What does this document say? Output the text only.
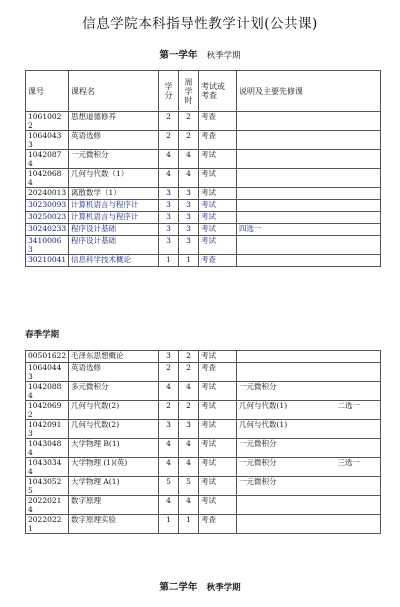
信息学院本科指导性教学计划(公共课)
第一学年 秋季学期
课号	课程名	学
分	周
学
时	考试或
考查	说明及主要先修课
1061002
2	思想道德修养	2	2	考查	

1064043
3	英语选修	2	2	考查	

1042087
4	一元微积分	4	4	考试	

1042068
4	几何与代数（1）	4	4	考试	

20240013	离散数学（1）	3	3	考试	

30230093	计算机语言与程序计	3	3	考试	

30250023	计算机语言与程序计	3	3	考试	

30240233	程序设计基础	3	3	考试	四选一

3410006
3	程序设计基础	3	3	考试	

30210041	信息科学技术概论	1	1	考查	
春季学期
00501622	毛泽东思想概论	3	2	考试	

1064044
3	英语选修	2	2	考查	

1042088
4	多元微积分	4	4	考试	一元微积分

1042069
2	几何与代数(2)	2	2	考试	几何与代数(1) 二选一

1042091
3	几何与代数(2)	3	3	考试	几何与代数(1)

1043048
4	大学物理 B(1)	4	4	考试	一元微积分

1043034
4	大学物理 (1)(英)	4	4	考试	一元微积分 三选一

1043052
5	大学物理 A(1)	5	5	考试	一元微积分

2022021
4	数字原理	4	4	考试	

2022022
1	数字原理实验	1	1	考查	
第二学年 秋季学期
